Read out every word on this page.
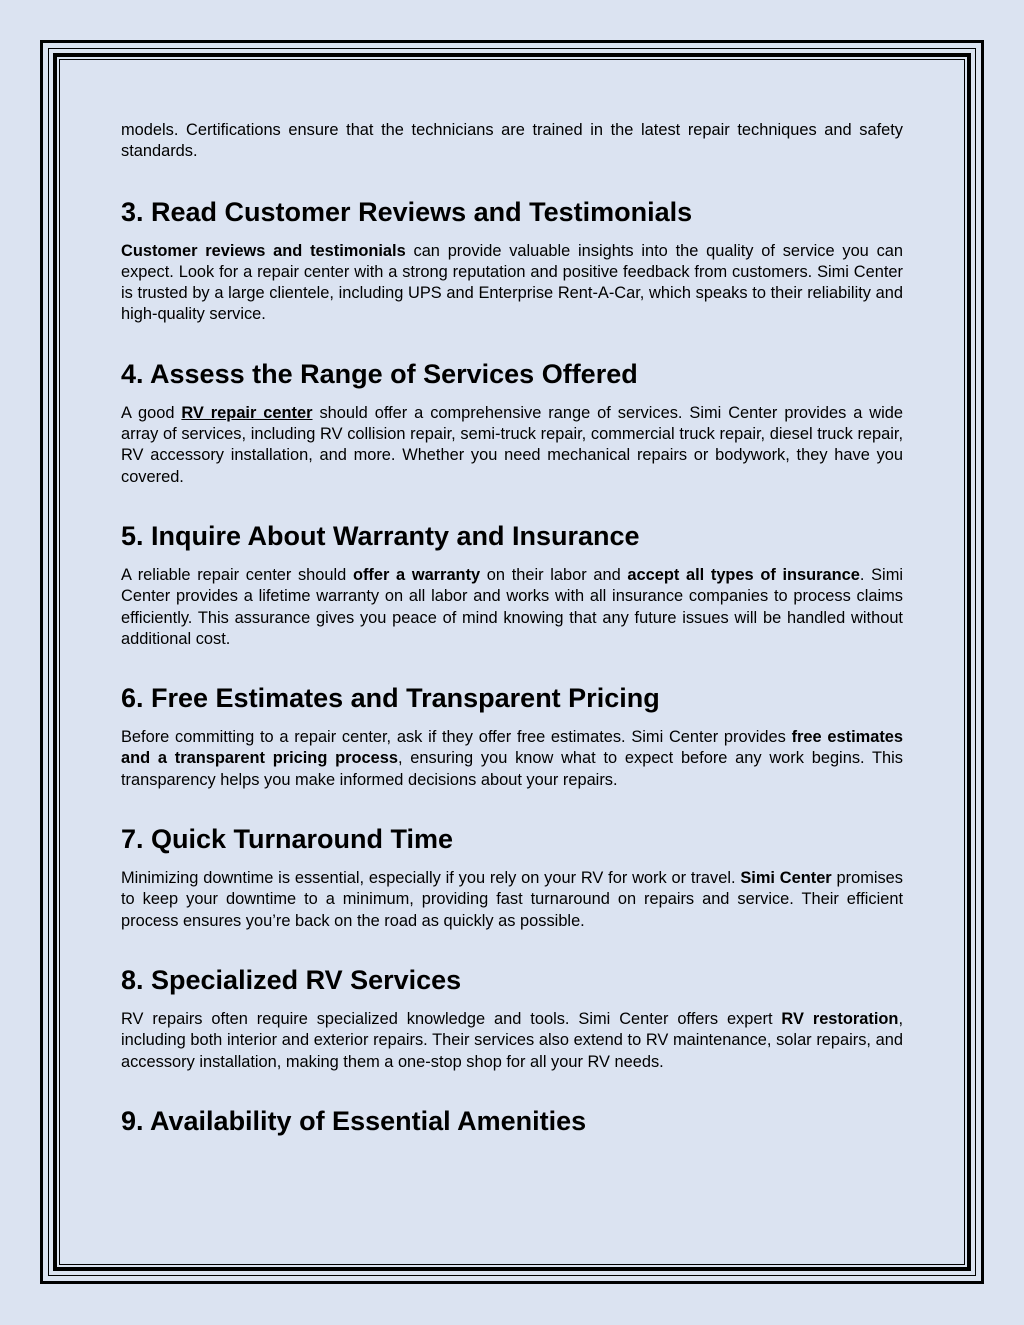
models. Certifications ensure that the technicians are trained in the latest repair techniques and safety standards.

3. Read Customer Reviews and Testimonials

Customer reviews and testimonials can provide valuable insights into the quality of service you can expect. Look for a repair center with a strong reputation and positive feedback from customers. Simi Center is trusted by a large clientele, including UPS and Enterprise Rent-A-Car, which speaks to their reliability and high-quality service.

4. Assess the Range of Services Offered

A good RV repair center should offer a comprehensive range of services. Simi Center provides a wide array of services, including RV collision repair, semi-truck repair, commercial truck repair, diesel truck repair, RV accessory installation, and more. Whether you need mechanical repairs or bodywork, they have you covered.

5. Inquire About Warranty and Insurance

A reliable repair center should offer a warranty on their labor and accept all types of insurance. Simi Center provides a lifetime warranty on all labor and works with all insurance companies to process claims efficiently. This assurance gives you peace of mind knowing that any future issues will be handled without additional cost.

6. Free Estimates and Transparent Pricing

Before committing to a repair center, ask if they offer free estimates. Simi Center provides free estimates and a transparent pricing process, ensuring you know what to expect before any work begins. This transparency helps you make informed decisions about your repairs.

7. Quick Turnaround Time

Minimizing downtime is essential, especially if you rely on your RV for work or travel. Simi Center promises to keep your downtime to a minimum, providing fast turnaround on repairs and service. Their efficient process ensures you’re back on the road as quickly as possible.

8. Specialized RV Services

RV repairs often require specialized knowledge and tools. Simi Center offers expert RV restoration, including both interior and exterior repairs. Their services also extend to RV maintenance, solar repairs, and accessory installation, making them a one-stop shop for all your RV needs.

9. Availability of Essential Amenities
